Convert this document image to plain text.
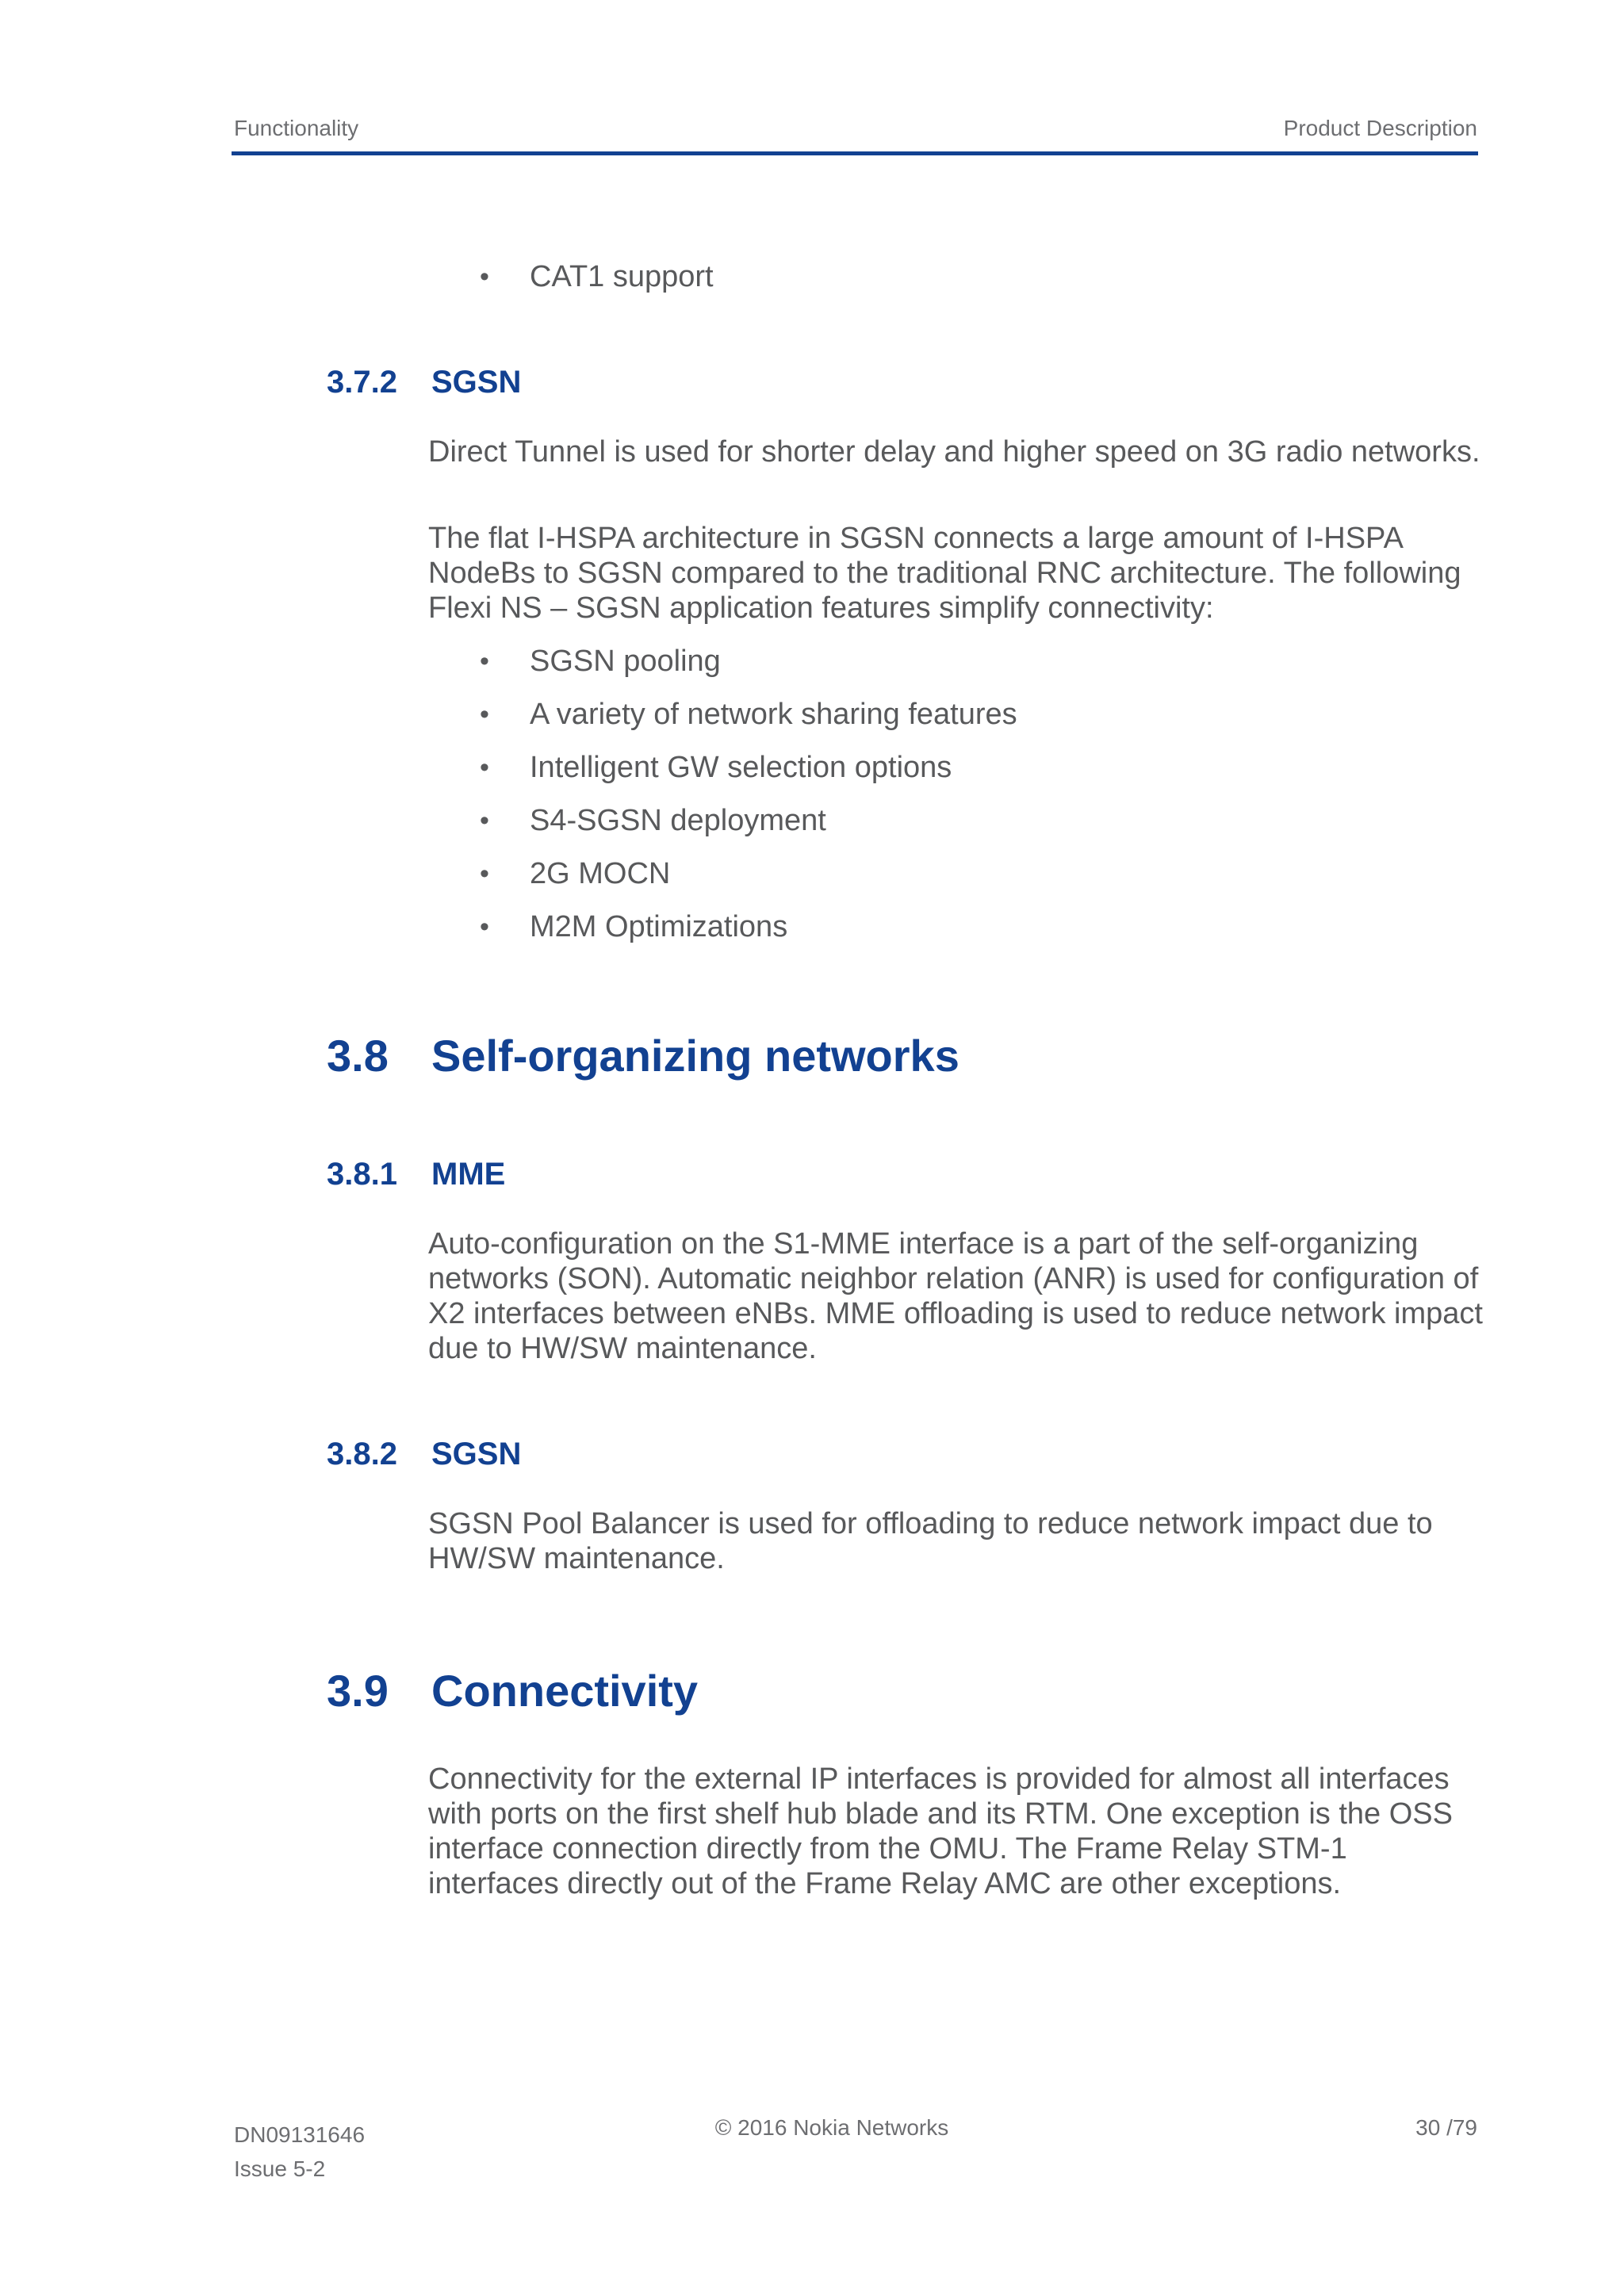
Functionality	Product Description
• CAT1 support
3.7.2 SGSN
Direct Tunnel is used for shorter delay and higher speed on 3G radio networks.
The flat I-HSPA architecture in SGSN connects a large amount of I-HSPA NodeBs to SGSN compared to the traditional RNC architecture. The following Flexi NS – SGSN application features simplify connectivity:
• SGSN pooling
• A variety of network sharing features
• Intelligent GW selection options
• S4-SGSN deployment
• 2G MOCN
• M2M Optimizations
3.8 Self-organizing networks
3.8.1 MME
Auto-configuration on the S1-MME interface is a part of the self-organizing networks (SON). Automatic neighbor relation (ANR) is used for configuration of X2 interfaces between eNBs. MME offloading is used to reduce network impact due to HW/SW maintenance.
3.8.2 SGSN
SGSN Pool Balancer is used for offloading to reduce network impact due to HW/SW maintenance.
3.9 Connectivity
Connectivity for the external IP interfaces is provided for almost all interfaces with ports on the first shelf hub blade and its RTM. One exception is the OSS interface connection directly from the OMU. The Frame Relay STM-1 interfaces directly out of the Frame Relay AMC are other exceptions.
DN09131646
Issue 5-2
© 2016 Nokia Networks	30 /79
